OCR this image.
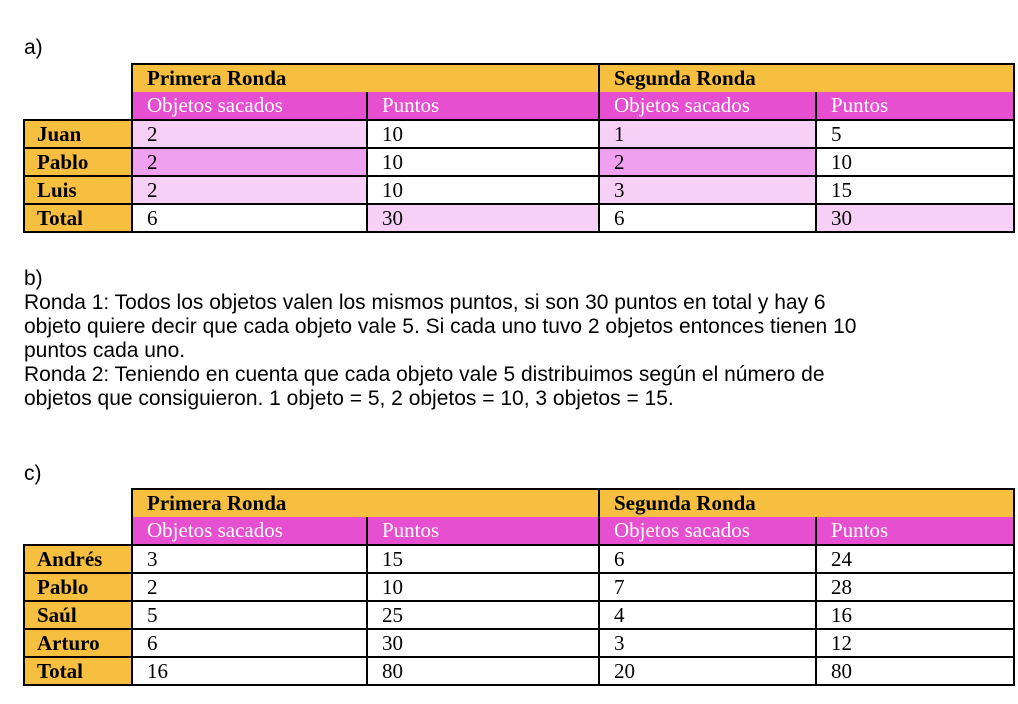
a)
	Primera Ronda		Segunda Ronda	
	Objetos sacados	Puntos	Objetos sacados	Puntos
Juan	2	10	1	5
Pablo	2	10	2	10
Luis	2	10	3	15
Total	6	30	6	30
b)
Ronda 1: Todos los objetos valen los mismos puntos, si son 30 puntos en total y hay 6
objeto quiere decir que cada objeto vale 5. Si cada uno tuvo 2 objetos entonces tienen 10
puntos cada uno.
Ronda 2: Teniendo en cuenta que cada objeto vale 5 distribuimos según el número de
objetos que consiguieron. 1 objeto = 5, 2 objetos = 10, 3 objetos = 15.
c)
	Primera Ronda		Segunda Ronda	
	Objetos sacados	Puntos	Objetos sacados	Puntos
Andrés	3	15	6	24
Pablo	2	10	7	28
Saúl	5	25	4	16
Arturo	6	30	3	12
Total	16	80	20	80
